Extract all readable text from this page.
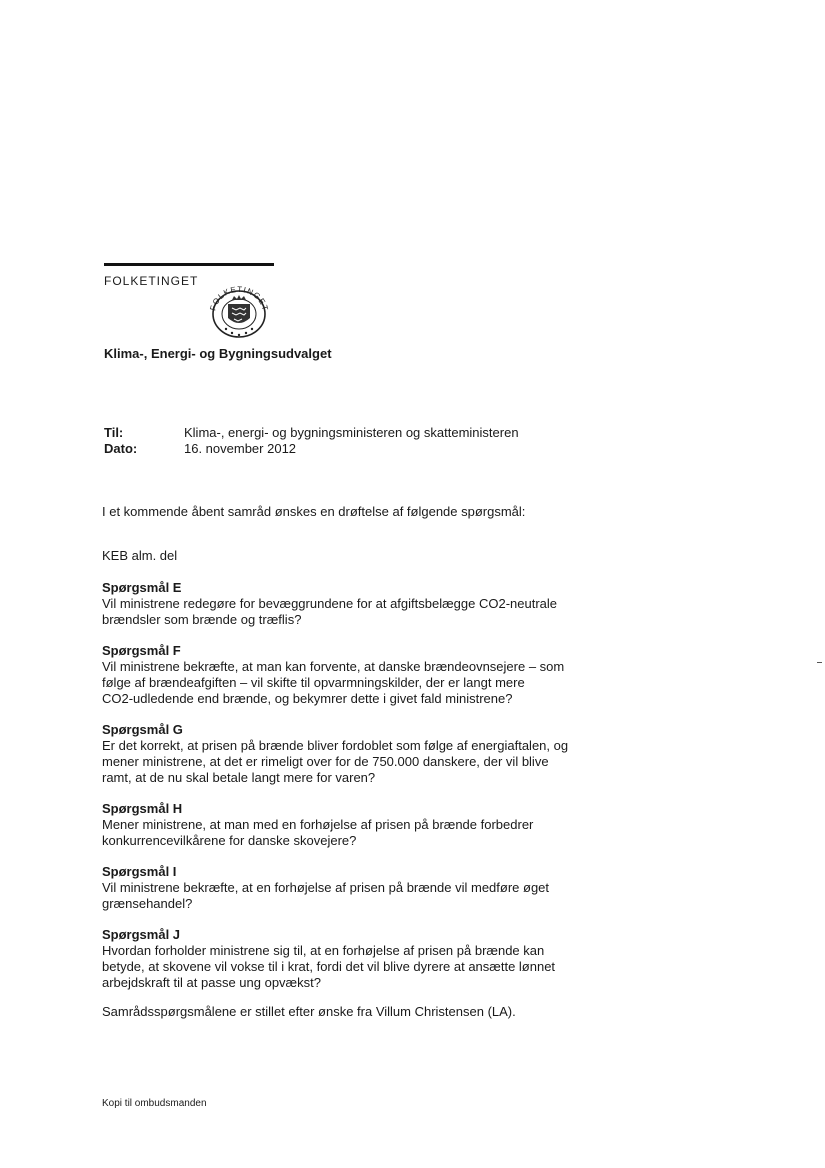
FOLKETINGET
FOLKETINGET
Klima-, Energi- og Bygningsudvalget
Til:	Klima-, energi- og bygningsministeren og skatteministeren
Dato:	16. november 2012
I et kommende åbent samråd ønskes en drøftelse af følgende spørgsmål:
KEB alm. del
Spørgsmål E
Vil ministrene redegøre for bevæggrundene for at afgiftsbelægge CO2-neutrale
brændsler som brænde og træflis?
Spørgsmål F
Vil ministrene bekræfte, at man kan forvente, at danske brændeovnsejere – som
følge af brændeafgiften – vil skifte til opvarmningskilder, der er langt mere
CO2-udledende end brænde, og bekymrer dette i givet fald ministrene?
Spørgsmål G
Er det korrekt, at prisen på brænde bliver fordoblet som følge af energiaftalen, og
mener ministrene, at det er rimeligt over for de 750.000 danskere, der vil blive
ramt, at de nu skal betale langt mere for varen?
Spørgsmål H
Mener ministrene, at man med en forhøjelse af prisen på brænde forbedrer
konkurrencevilkårene for danske skovejere?
Spørgsmål I
Vil ministrene bekræfte, at en forhøjelse af prisen på brænde vil medføre øget
grænsehandel?
Spørgsmål J
Hvordan forholder ministrene sig til, at en forhøjelse af prisen på brænde kan
betyde, at skovene vil vokse til i krat, fordi det vil blive dyrere at ansætte lønnet
arbejdskraft til at passe ung opvækst?
Samrådsspørgsmålene er stillet efter ønske fra Villum Christensen (LA).
Kopi til ombudsmanden
